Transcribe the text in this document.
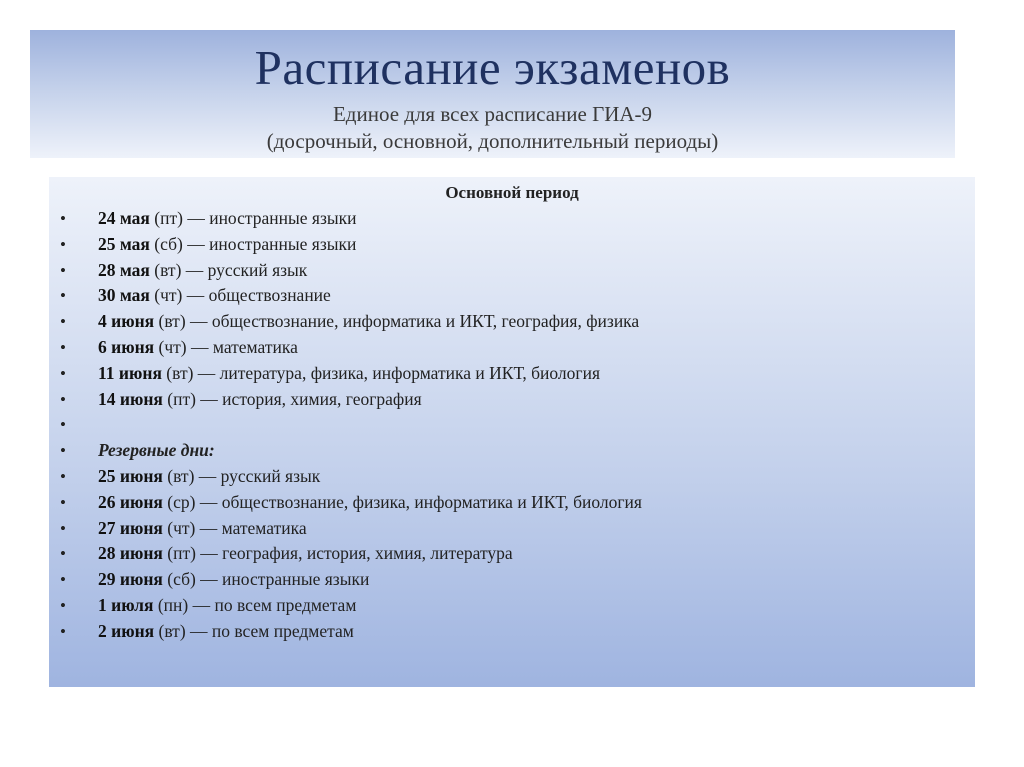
Расписание экзаменов
Единое для всех расписание ГИА-9
(досрочный, основной, дополнительный периоды)
Основной период
• 24 мая (пт) — иностранные языки
• 25 мая (сб) — иностранные языки
• 28 мая (вт) — русский язык
• 30 мая (чт) — обществознание
• 4 июня (вт) — обществознание, информатика и ИКТ, география, физика
• 6 июня (чт) — математика
• 11 июня (вт) — литература, физика, информатика и ИКТ, биология
• 14 июня (пт) — история, химия, география
•
• Резервные дни:
• 25 июня (вт) — русский язык
• 26 июня (ср) — обществознание, физика, информатика и ИКТ, биология
• 27 июня (чт) — математика
• 28 июня (пт) — география, история, химия, литература
• 29 июня (сб) — иностранные языки
• 1 июля (пн) — по всем предметам
• 2 июня (вт) — по всем предметам
